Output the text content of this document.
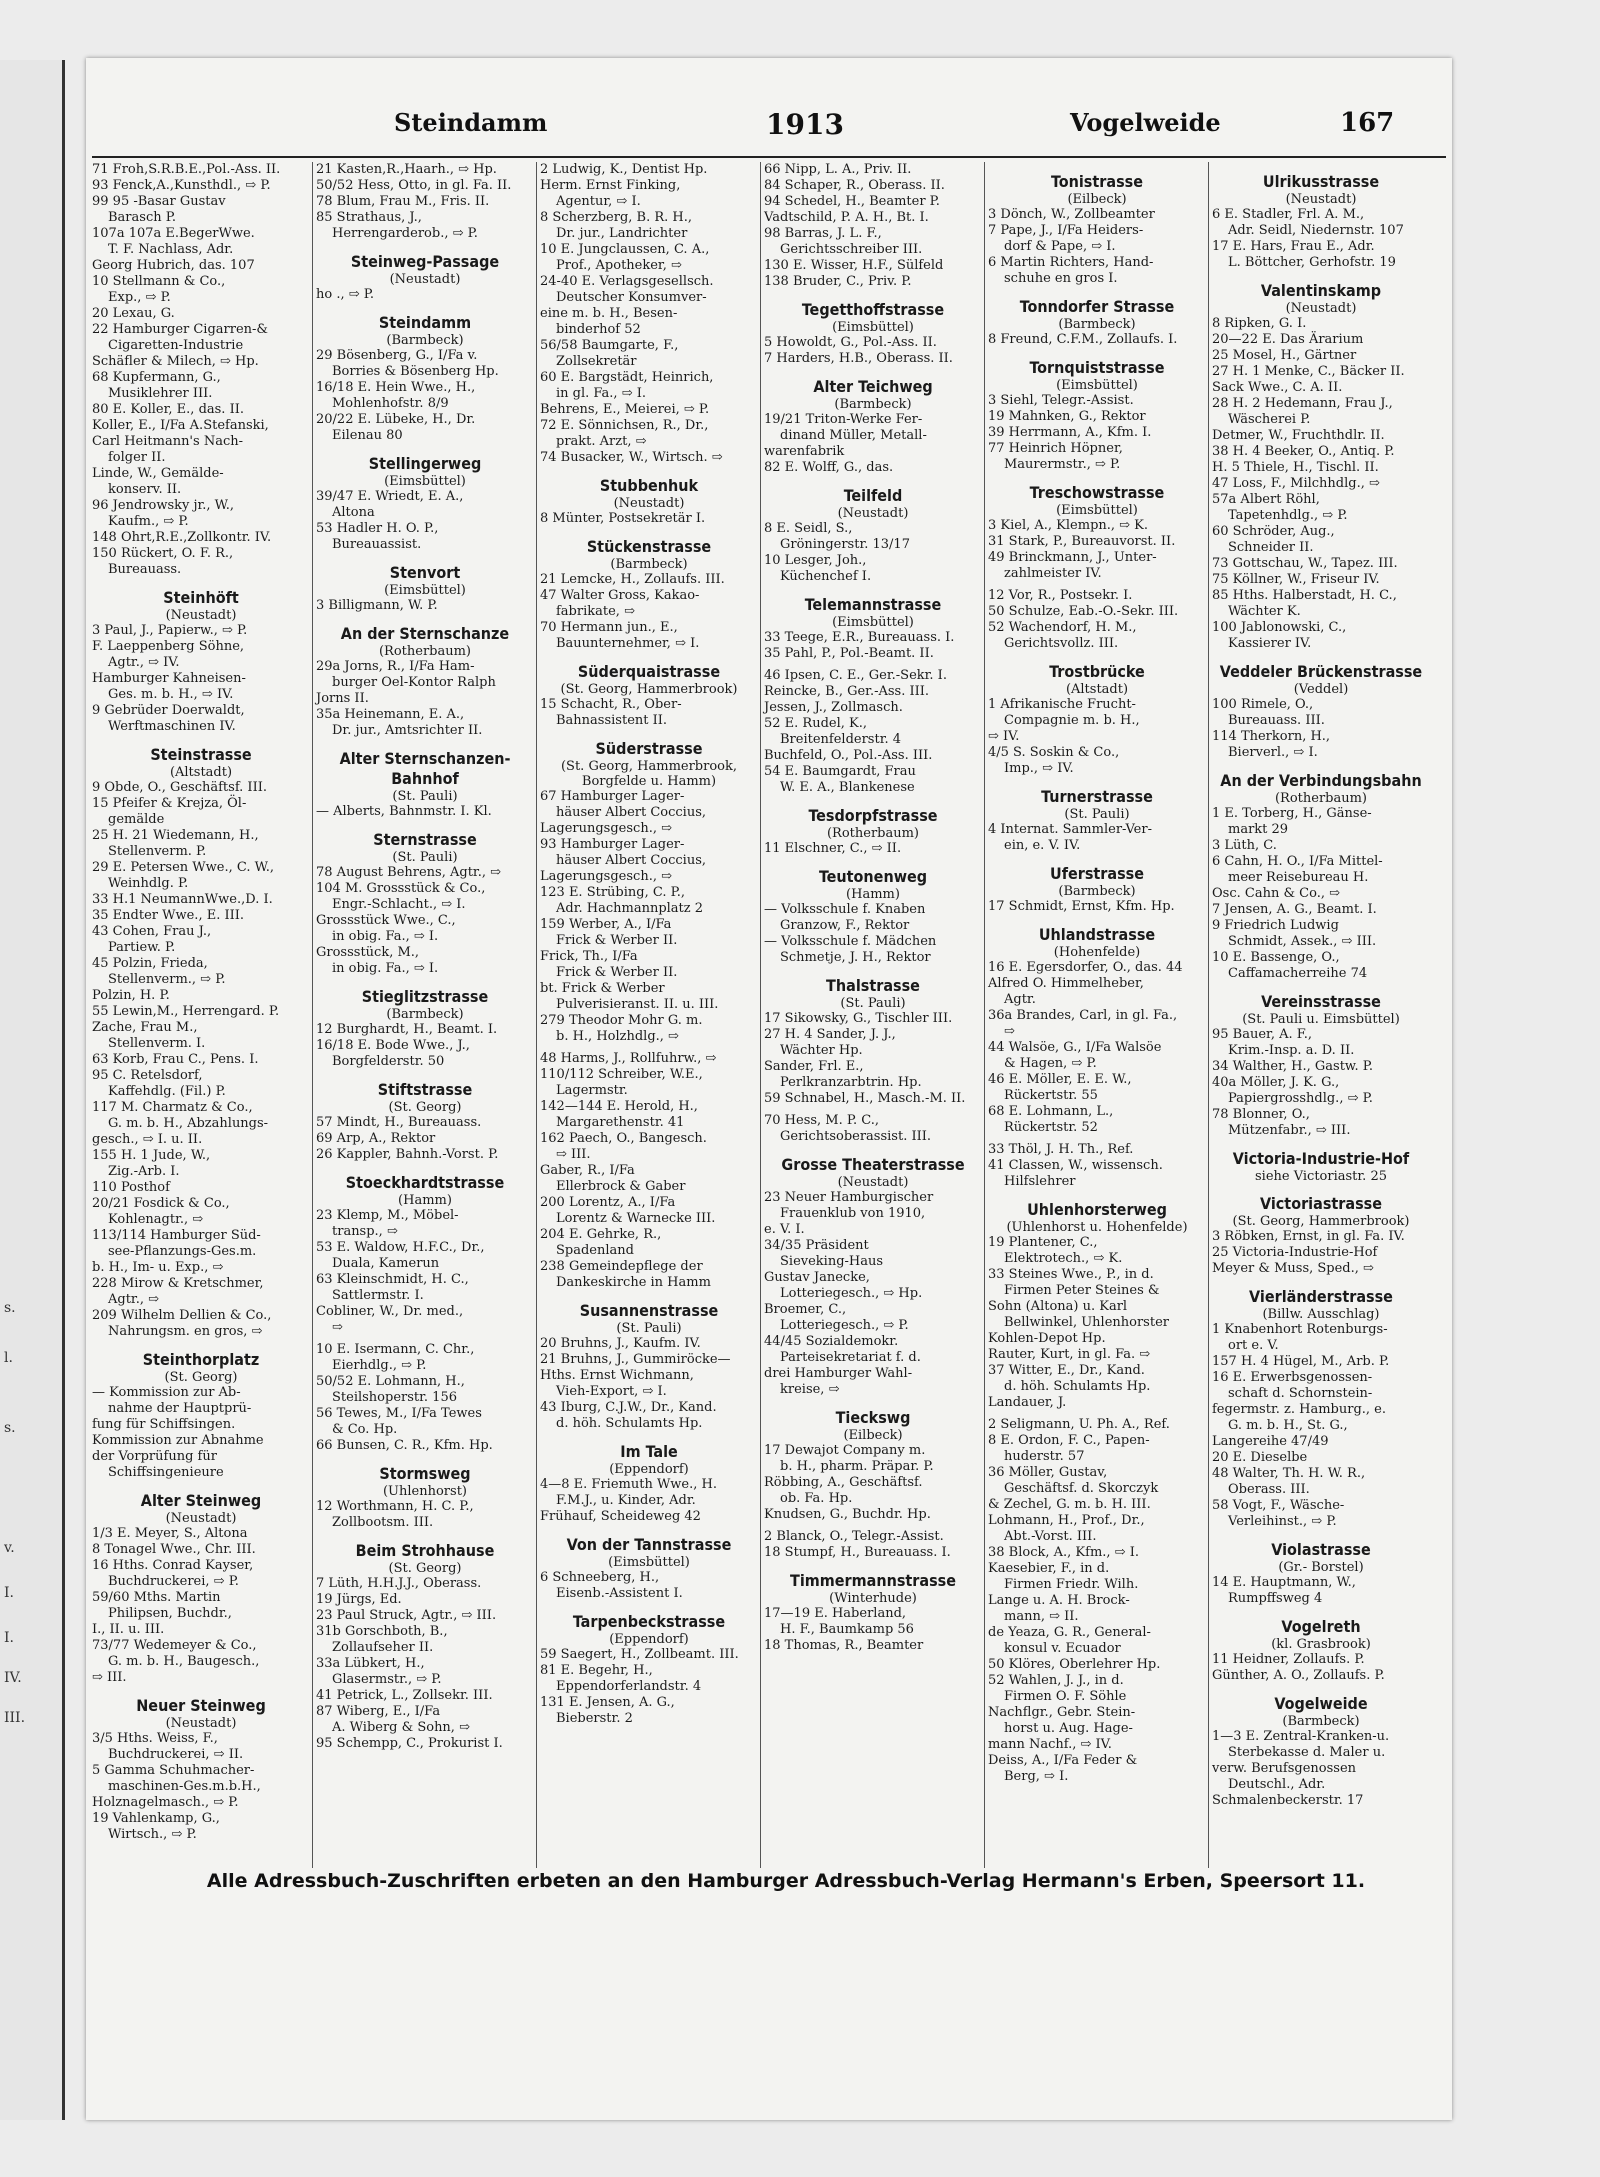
s.
l.
s.
v.
I.
I.
IV.
III.
Steindamm	1913	Vogelweide	167
71 Froh,S.R.B.E.,Pol.-Ass. II.
93 Fenck,A.,Kunsthdl., ⇨ P.
99 95 -Basar Gustav
Barasch P.
107a 107a E.BegerWwe.
T. F. Nachlass, Adr.
Georg Hubrich, das. 107
10 Stellmann & Co.,
Exp., ⇨ P.
20 Lexau, G.
22 Hamburger Cigarren-&
Cigaretten-Industrie
Schäfler & Milech, ⇨ Hp.
68 Kupfermann, G.,
Musiklehrer III.
80 E. Koller, E., das. II.
Koller, E., I/Fa A.Stefanski,
Carl Heitmann's Nach-
folger II.
Linde, W., Gemälde-
konserv. II.
96 Jendrowsky jr., W.,
Kaufm., ⇨ P.
148 Ohrt,R.E.,Zollkontr. IV.
150 Rückert, O. F. R.,
Bureauass.
Steinhöft
(Neustadt)
3 Paul, J., Papierw., ⇨ P.
F. Laeppenberg Söhne,
Agtr., ⇨ IV.
Hamburger Kahneisen-
Ges. m. b. H., ⇨ IV.
9 Gebrüder Doerwaldt,
Werftmaschinen IV.
Steinstrasse
(Altstadt)
9 Obde, O., Geschäftsf. III.
15 Pfeifer & Krejza, Öl-
gemälde
25 H. 21 Wiedemann, H.,
Stellenverm. P.
29 E. Petersen Wwe., C. W.,
Weinhdlg. P.
33 H.1 NeumannWwe.,D. I.
35 Endter Wwe., E. III.
43 Cohen, Frau J.,
Partiew. P.
45 Polzin, Frieda,
Stellenverm., ⇨ P.
Polzin, H. P.
55 Lewin,M., Herrengard. P.
Zache, Frau M.,
Stellenverm. I.
63 Korb, Frau C., Pens. I.
95 C. Retelsdorf,
Kaffehdlg. (Fil.) P.
117 M. Charmatz & Co.,
G. m. b. H., Abzahlungs-
gesch., ⇨ I. u. II.
155 H. 1 Jude, W.,
Zig.-Arb. I.
110 Posthof
20/21 Fosdick & Co.,
Kohlenagtr., ⇨
113/114 Hamburger Süd-
see-Pflanzungs-Ges.m.
b. H., Im- u. Exp., ⇨
228 Mirow & Kretschmer,
Agtr., ⇨
209 Wilhelm Dellien & Co.,
Nahrungsm. en gros, ⇨
Steinthorplatz
(St. Georg)
— Kommission zur Ab-
nahme der Hauptprü-
fung für Schiffsingen.
Kommission zur Abnahme
der Vorprüfung für
Schiffsingenieure
Alter Steinweg
(Neustadt)
1/3 E. Meyer, S., Altona
8 Tonagel Wwe., Chr. III.
16 Hths. Conrad Kayser,
Buchdruckerei, ⇨ P.
59/60 Mths. Martin
Philipsen, Buchdr.,
I., II. u. III.
73/77 Wedemeyer & Co.,
G. m. b. H., Baugesch.,
⇨ III.
Neuer Steinweg
(Neustadt)
3/5 Hths. Weiss, F.,
Buchdruckerei, ⇨ II.
5 Gamma Schuhmacher-
maschinen-Ges.m.b.H.,
Holznagelmasch., ⇨ P.
19 Vahlenkamp, G.,
Wirtsch., ⇨ P.
21 Kasten,R.,Haarh., ⇨ Hp.
50/52 Hess, Otto, in gl. Fa. II.
78 Blum, Frau M., Fris. II.
85 Strathaus, J.,
Herrengarderob., ⇨ P.
Steinweg-Passage
(Neustadt)
ho ., ⇨ P.
Steindamm
(Barmbeck)
29 Bösenberg, G., I/Fa v.
Borries & Bösenberg Hp.
16/18 E. Hein Wwe., H.,
Mohlenhofstr. 8/9
20/22 E. Lübeke, H., Dr.
Eilenau 80
Stellingerweg
(Eimsbüttel)
39/47 E. Wriedt, E. A.,
Altona
53 Hadler H. O. P.,
Bureauassist.
Stenvort
(Eimsbüttel)
3 Billigmann, W. P.
An der Sternschanze
(Rotherbaum)
29a Jorns, R., I/Fa Ham-
burger Oel-Kontor Ralph
Jorns II.
35a Heinemann, E. A.,
Dr. jur., Amtsrichter II.
Alter Sternschanzen-Bahnhof
(St. Pauli)
— Alberts, Bahnmstr. I. Kl.
Sternstrasse
(St. Pauli)
78 August Behrens, Agtr., ⇨
104 M. Grossstück & Co.,
Engr.-Schlacht., ⇨ I.
Grossstück Wwe., C.,
in obig. Fa., ⇨ I.
Grossstück, M.,
in obig. Fa., ⇨ I.
Stieglitzstrasse
(Barmbeck)
12 Burghardt, H., Beamt. I.
16/18 E. Bode Wwe., J.,
Borgfelderstr. 50
Stiftstrasse
(St. Georg)
57 Mindt, H., Bureauass.
69 Arp, A., Rektor
26 Kappler, Bahnh.-Vorst. P.
Stoeckhardtstrasse
(Hamm)
23 Klemp, M., Möbel-
transp., ⇨
53 E. Waldow, H.F.C., Dr.,
Duala, Kamerun
63 Kleinschmidt, H. C.,
Sattlermstr. I.
Cobliner, W., Dr. med.,
⇨
10 E. Isermann, C. Chr.,
Eierhdlg., ⇨ P.
50/52 E. Lohmann, H.,
Steilshoperstr. 156
56 Tewes, M., I/Fa Tewes
& Co. Hp.
66 Bunsen, C. R., Kfm. Hp.
Stormsweg
(Uhlenhorst)
12 Worthmann, H. C. P.,
Zollbootsm. III.
Beim Strohhause
(St. Georg)
7 Lüth, H.H.J.J., Oberass.
19 Jürgs, Ed.
23 Paul Struck, Agtr., ⇨ III.
31b Gorschboth, B.,
Zollaufseher II.
33a Lübkert, H.,
Glasermstr., ⇨ P.
41 Petrick, L., Zollsekr. III.
87 Wiberg, E., I/Fa
A. Wiberg & Sohn, ⇨
95 Schempp, C., Prokurist I.
2 Ludwig, K., Dentist Hp.
Herm. Ernst Finking,
Agentur, ⇨ I.
8 Scherzberg, B. R. H.,
Dr. jur., Landrichter
10 E. Jungclaussen, C. A.,
Prof., Apotheker, ⇨
24-40 E. Verlagsgesellsch.
Deutscher Konsumver-
eine m. b. H., Besen-
binderhof 52
56/58 Baumgarte, F.,
Zollsekretär
60 E. Bargstädt, Heinrich,
in gl. Fa., ⇨ I.
Behrens, E., Meierei, ⇨ P.
72 E. Sönnichsen, R., Dr.,
prakt. Arzt, ⇨
74 Busacker, W., Wirtsch. ⇨
Stubbenhuk
(Neustadt)
8 Münter, Postsekretär I.
Stückenstrasse
(Barmbeck)
21 Lemcke, H., Zollaufs. III.
47 Walter Gross, Kakao-
fabrikate, ⇨
70 Hermann jun., E.,
Bauunternehmer, ⇨ I.
Süderquaistrasse
(St. Georg, Hammerbrook)
15 Schacht, R., Ober-
Bahnassistent II.
Süderstrasse
(St. Georg, Hammerbrook, Borgfelde u. Hamm)
67 Hamburger Lager-
häuser Albert Coccius,
Lagerungsgesch., ⇨
93 Hamburger Lager-
häuser Albert Coccius,
Lagerungsgesch., ⇨
123 E. Strübing, C. P.,
Adr. Hachmannplatz 2
159 Werber, A., I/Fa
Frick & Werber II.
Frick, Th., I/Fa
Frick & Werber II.
bt. Frick & Werber
Pulverisieranst. II. u. III.
279 Theodor Mohr G. m.
b. H., Holzhdlg., ⇨
48 Harms, J., Rollfuhrw., ⇨
110/112 Schreiber, W.E.,
Lagermstr.
142—144 E. Herold, H.,
Margarethenstr. 41
162 Paech, O., Bangesch.
⇨ III.
Gaber, R., I/Fa
Ellerbrock & Gaber
200 Lorentz, A., I/Fa
Lorentz & Warnecke III.
204 E. Gehrke, R.,
Spadenland
238 Gemeindepflege der
Dankeskirche in Hamm
Susannenstrasse
(St. Pauli)
20 Bruhns, J., Kaufm. IV.
21 Bruhns, J., Gummiröcke—
Hths. Ernst Wichmann,
Vieh-Export, ⇨ I.
43 Iburg, C.J.W., Dr., Kand.
d. höh. Schulamts Hp.
Im Tale
(Eppendorf)
4—8 E. Friemuth Wwe., H.
F.M.J., u. Kinder, Adr.
Frühauf, Scheideweg 42
Von der Tannstrasse
(Eimsbüttel)
6 Schneeberg, H.,
Eisenb.-Assistent I.
Tarpenbeckstrasse
(Eppendorf)
59 Saegert, H., Zollbeamt. III.
81 E. Begehr, H.,
Eppendorferlandstr. 4
131 E. Jensen, A. G.,
Bieberstr. 2
66 Nipp, L. A., Priv. II.
84 Schaper, R., Oberass. II.
94 Schedel, H., Beamter P.
Vadtschild, P. A. H., Bt. I.
98 Barras, J. L. F.,
Gerichtsschreiber III.
130 E. Wisser, H.F., Sülfeld
138 Bruder, C., Priv. P.
Tegetthoffstrasse
(Eimsbüttel)
5 Howoldt, G., Pol.-Ass. II.
7 Harders, H.B., Oberass. II.
Alter Teichweg
(Barmbeck)
19/21 Triton-Werke Fer-
dinand Müller, Metall-
warenfabrik
82 E. Wolff, G., das.
Teilfeld
(Neustadt)
8 E. Seidl, S.,
Gröningerstr. 13/17
10 Lesger, Joh.,
Küchenchef I.
Telemannstrasse
(Eimsbüttel)
33 Teege, E.R., Bureauass. I.
35 Pahl, P., Pol.-Beamt. II.
46 Ipsen, C. E., Ger.-Sekr. I.
Reincke, B., Ger.-Ass. III.
Jessen, J., Zollmasch.
52 E. Rudel, K.,
Breitenfelderstr. 4
Buchfeld, O., Pol.-Ass. III.
54 E. Baumgardt, Frau
W. E. A., Blankenese
Tesdorpfstrasse
(Rotherbaum)
11 Elschner, C., ⇨ II.
Teutonenweg
(Hamm)
— Volksschule f. Knaben
Granzow, F., Rektor
— Volksschule f. Mädchen
Schmetje, J. H., Rektor
Thalstrasse
(St. Pauli)
17 Sikowsky, G., Tischler III.
27 H. 4 Sander, J. J.,
Wächter Hp.
Sander, Frl. E.,
Perlkranzarbtrin. Hp.
59 Schnabel, H., Masch.-M. II.
70 Hess, M. P. C.,
Gerichtsoberassist. III.
Grosse Theaterstrasse
(Neustadt)
23 Neuer Hamburgischer
Frauenklub von 1910,
e. V. I.
34/35 Präsident
Sieveking-Haus
Gustav Janecke,
Lotteriegesch., ⇨ Hp.
Broemer, C.,
Lotteriegesch., ⇨ P.
44/45 Sozialdemokr.
Parteisekretariat f. d.
drei Hamburger Wahl-
kreise, ⇨
Tieckswg
(Eilbeck)
17 Dewajot Company m.
b. H., pharm. Präpar. P.
Röbbing, A., Geschäftsf.
ob. Fa. Hp.
Knudsen, G., Buchdr. Hp.
2 Blanck, O., Telegr.-Assist.
18 Stumpf, H., Bureauass. I.
Timmermannstrasse
(Winterhude)
17—19 E. Haberland,
H. F., Baumkamp 56
18 Thomas, R., Beamter
Tonistrasse
(Eilbeck)
3 Dönch, W., Zollbeamter
7 Pape, J., I/Fa Heiders-
dorf & Pape, ⇨ I.
6 Martin Richters, Hand-
schuhe en gros I.
Tonndorfer Strasse
(Barmbeck)
8 Freund, C.F.M., Zollaufs. I.
Tornquiststrasse
(Eimsbüttel)
3 Siehl, Telegr.-Assist.
19 Mahnken, G., Rektor
39 Herrmann, A., Kfm. I.
77 Heinrich Höpner,
Maurermstr., ⇨ P.
Treschowstrasse
(Eimsbüttel)
3 Kiel, A., Klempn., ⇨ K.
31 Stark, P., Bureauvorst. II.
49 Brinckmann, J., Unter-
zahlmeister IV.
12 Vor, R., Postsekr. I.
50 Schulze, Eab.-O.-Sekr. III.
52 Wachendorf, H. M.,
Gerichtsvollz. III.
Trostbrücke
(Altstadt)
1 Afrikanische Frucht-
Compagnie m. b. H.,
⇨ IV.
4/5 S. Soskin & Co.,
Imp., ⇨ IV.
Turnerstrasse
(St. Pauli)
4 Internat. Sammler-Ver-
ein, e. V. IV.
Uferstrasse
(Barmbeck)
17 Schmidt, Ernst, Kfm. Hp.
Uhlandstrasse
(Hohenfelde)
16 E. Egersdorfer, O., das. 44
Alfred O. Himmelheber,
Agtr.
36a Brandes, Carl, in gl. Fa.,
⇨
44 Walsöe, G., I/Fa Walsöe
& Hagen, ⇨ P.
46 E. Möller, E. E. W.,
Rückertstr. 55
68 E. Lohmann, L.,
Rückertstr. 52
33 Thöl, J. H. Th., Ref.
41 Classen, W., wissensch.
Hilfslehrer
Uhlenhorsterweg
(Uhlenhorst u. Hohenfelde)
19 Plantener, C.,
Elektrotech., ⇨ K.
33 Steines Wwe., P., in d.
Firmen Peter Steines &
Sohn (Altona) u. Karl
Bellwinkel, Uhlenhorster
Kohlen-Depot Hp.
Rauter, Kurt, in gl. Fa. ⇨
37 Witter, E., Dr., Kand.
d. höh. Schulamts Hp.
Landauer, J.
2 Seligmann, U. Ph. A., Ref.
8 E. Ordon, F. C., Papen-
huderstr. 57
36 Möller, Gustav,
Geschäftsf. d. Skorczyk
& Zechel, G. m. b. H. III.
Lohmann, H., Prof., Dr.,
Abt.-Vorst. III.
38 Block, A., Kfm., ⇨ I.
Kaesebier, F., in d.
Firmen Friedr. Wilh.
Lange u. A. H. Brock-
mann, ⇨ II.
de Yeaza, G. R., General-
konsul v. Ecuador
50 Klöres, Oberlehrer Hp.
52 Wahlen, J. J., in d.
Firmen O. F. Söhle
Nachflgr., Gebr. Stein-
horst u. Aug. Hage-
mann Nachf., ⇨ IV.
Deiss, A., I/Fa Feder &
Berg, ⇨ I.
Ulrikusstrasse
(Neustadt)
6 E. Stadler, Frl. A. M.,
Adr. Seidl, Niedernstr. 107
17 E. Hars, Frau E., Adr.
L. Böttcher, Gerhofstr. 19
Valentinskamp
(Neustadt)
8 Ripken, G. I.
20—22 E. Das Ärarium
25 Mosel, H., Gärtner
27 H. 1 Menke, C., Bäcker II.
Sack Wwe., C. A. II.
28 H. 2 Hedemann, Frau J.,
Wäscherei P.
Detmer, W., Fruchthdlr. II.
38 H. 4 Beeker, O., Antiq. P.
H. 5 Thiele, H., Tischl. II.
47 Loss, F., Milchhdlg., ⇨
57a Albert Röhl,
Tapetenhdlg., ⇨ P.
60 Schröder, Aug.,
Schneider II.
73 Gottschau, W., Tapez. III.
75 Köllner, W., Friseur IV.
85 Hths. Halberstadt, H. C.,
Wächter K.
100 Jablonowski, C.,
Kassierer IV.
Veddeler Brückenstrasse
(Veddel)
100 Rimele, O.,
Bureauass. III.
114 Therkorn, H.,
Bierverl., ⇨ I.
An der Verbindungsbahn
(Rotherbaum)
1 E. Torberg, H., Gänse-
markt 29
3 Lüth, C.
6 Cahn, H. O., I/Fa Mittel-
meer Reisebureau H.
Osc. Cahn & Co., ⇨
7 Jensen, A. G., Beamt. I.
9 Friedrich Ludwig
Schmidt, Assek., ⇨ III.
10 E. Bassenge, O.,
Caffamacherreihe 74
Vereinsstrasse
(St. Pauli u. Eimsbüttel)
95 Bauer, A. F.,
Krim.-Insp. a. D. II.
34 Walther, H., Gastw. P.
40a Möller, J. K. G.,
Papiergrosshdlg., ⇨ P.
78 Blonner, O.,
Mützenfabr., ⇨ III.
Victoria-Industrie-Hof
siehe Victoriastr. 25
Victoriastrasse
(St. Georg, Hammerbrook)
3 Röbken, Ernst, in gl. Fa. IV.
25 Victoria-Industrie-Hof
Meyer & Muss, Sped., ⇨
Vierländerstrasse
(Billw. Ausschlag)
1 Knabenhort Rotenburgs-
ort e. V.
157 H. 4 Hügel, M., Arb. P.
16 E. Erwerbsgenossen-
schaft d. Schornstein-
fegermstr. z. Hamburg., e.
G. m. b. H., St. G.,
Langereihe 47/49
20 E. Dieselbe
48 Walter, Th. H. W. R.,
Oberass. III.
58 Vogt, F., Wäsche-
Verleihinst., ⇨ P.
Violastrasse
(Gr.- Borstel)
14 E. Hauptmann, W.,
Rumpffsweg 4
Vogelreth
(kl. Grasbrook)
11 Heidner, Zollaufs. P.
Günther, A. O., Zollaufs. P.
Vogelweide
(Barmbeck)
1—3 E. Zentral-Kranken-u.
Sterbekasse d. Maler u.
verw. Berufsgenossen
Deutschl., Adr.
Schmalenbeckerstr. 17
Alle Adressbuch-Zuschriften erbeten an den Hamburger Adressbuch-Verlag Hermann's Erben, Speersort 11.
